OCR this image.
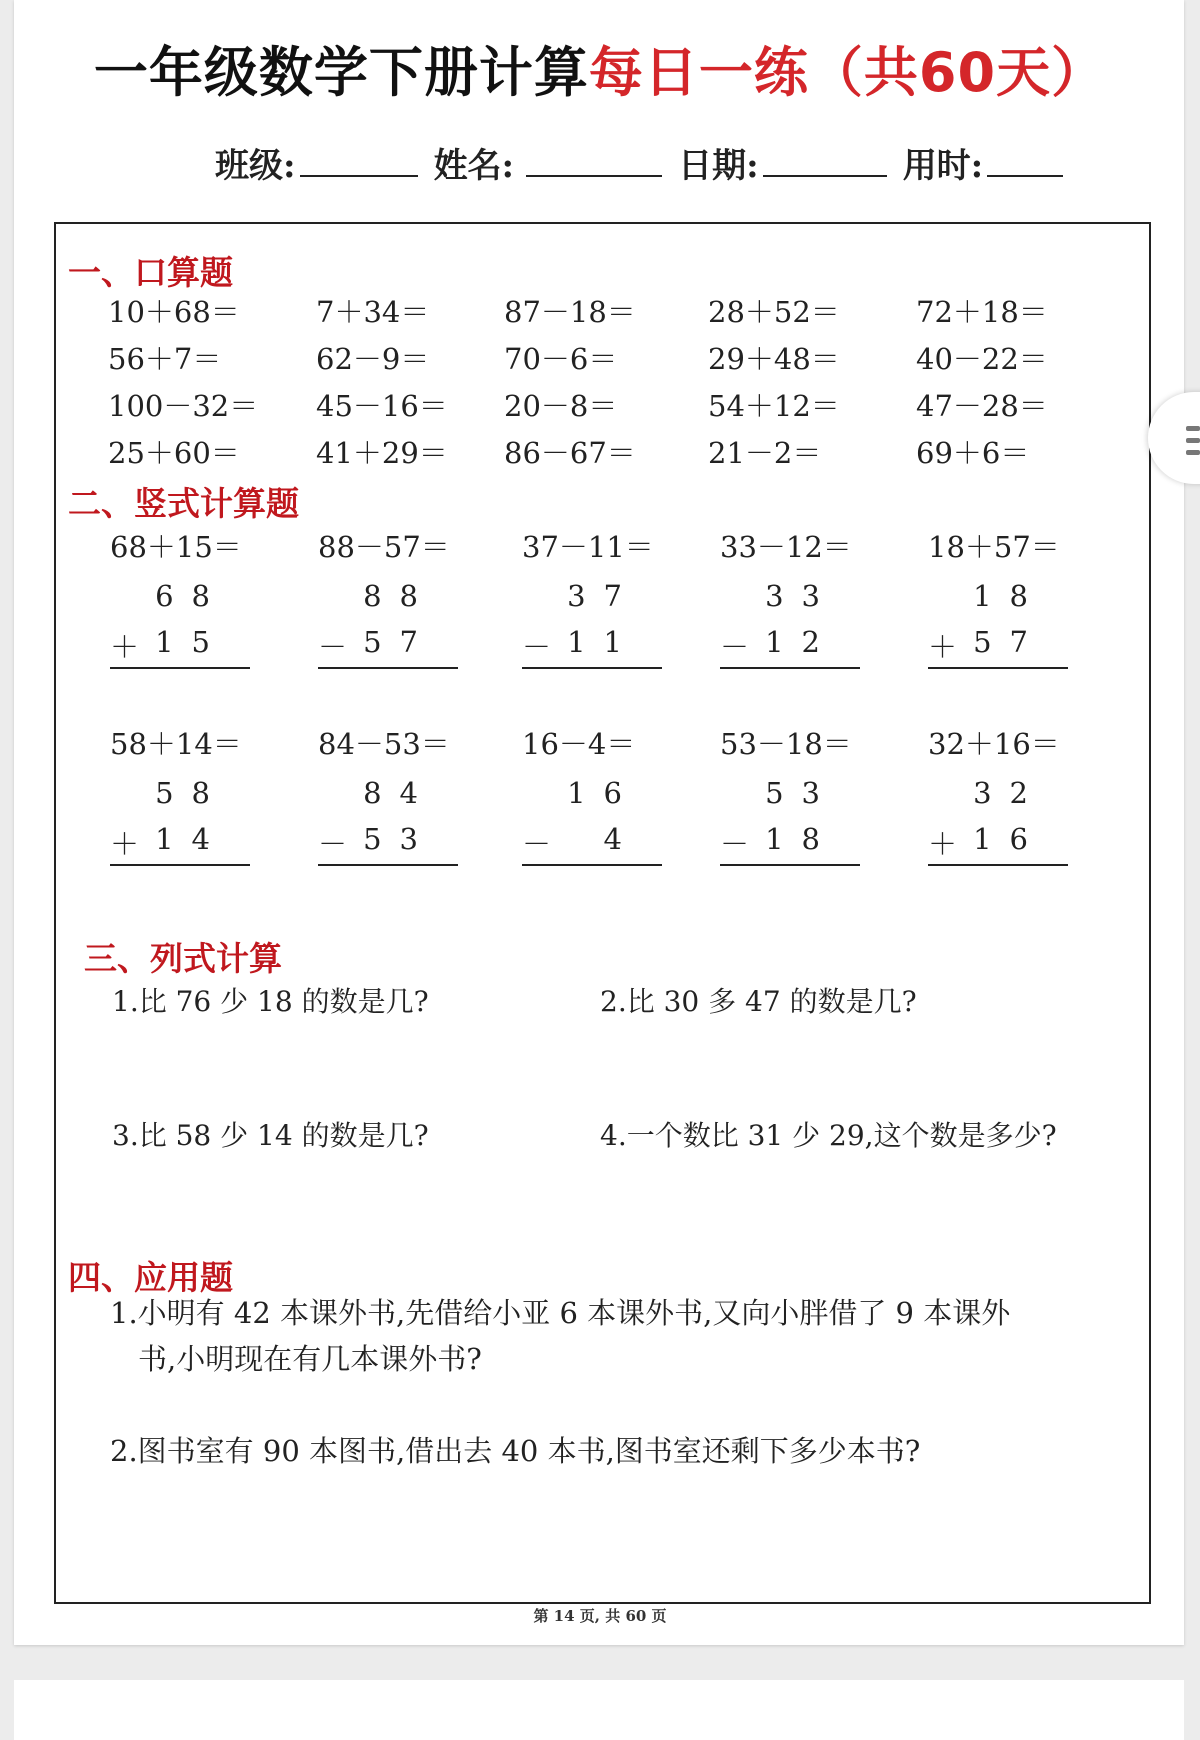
一年级数学下册计算每日一练（共60天）
班级:	姓名:	日期:	用时:
一、口算题
10＋68＝	7＋34＝	87－18＝ 28＋52＝	72＋18＝
56＋7＝	62－9＝	70－6＝	29＋48＝	40－22＝
100－32＝ 45－16＝ 20－8＝	54＋12＝	47－28＝
25＋60＝	41＋29＝ 86－67＝ 21－2＝	69＋6＝
二、竖式计算题
68＋15＝
68
＋ 15
88－57＝
88
－ 57
37－11＝
37
－ 11
33－12＝
33
－ 12
18＋57＝
18
＋ 57
58＋14＝
58
＋ 14
84－53＝
84
－ 53
16－4＝
16
－	4
53－18＝
53
－ 18
32＋16＝
32
＋ 16
三、列式计算
1.比 76 少 18 的数是几?	2.比 30 多 47 的数是几?
3.比 58 少 14 的数是几?	4.一个数比 31 少 29,这个数是多少?
四、应用题
1.小明有 42 本课外书,先借给小亚 6 本课外书,又向小胖借了 9 本课外
书,小明现在有几本课外书?
2.图书室有 90 本图书,借出去 40 本书,图书室还剩下多少本书?
第 14 页, 共 60 页
